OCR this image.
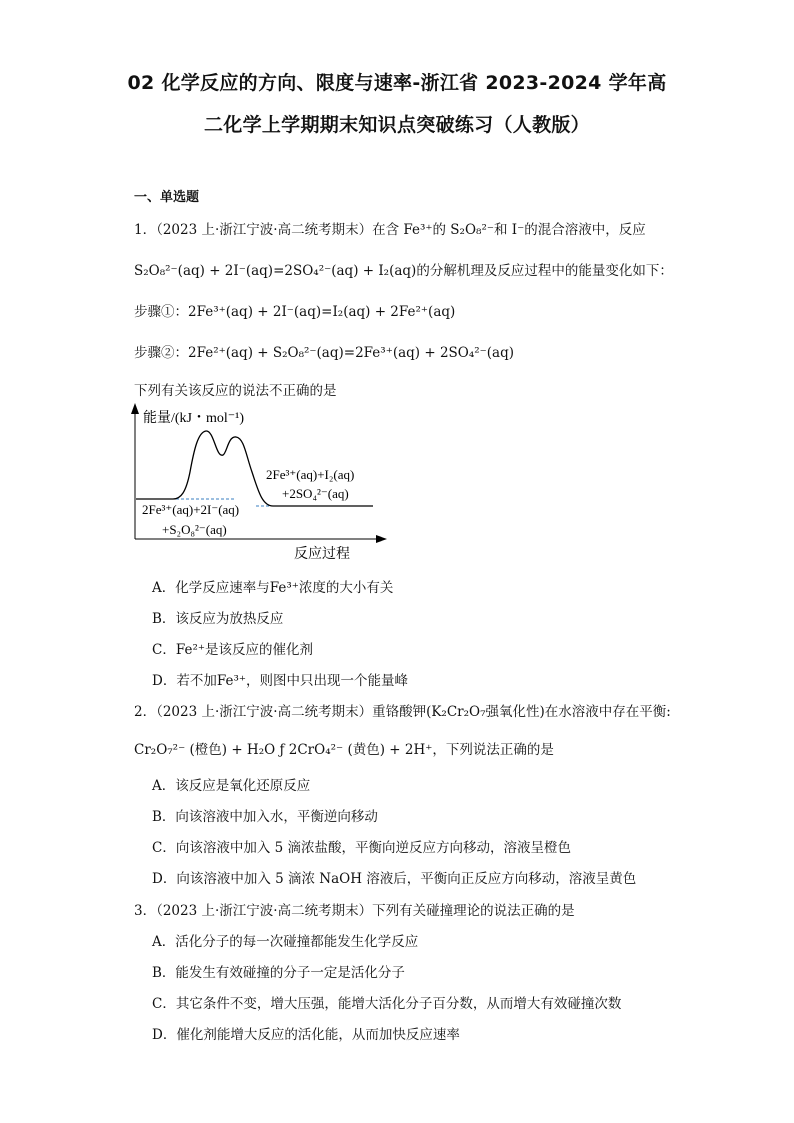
02 化学反应的方向、限度与速率-浙江省 2023-2024 学年高
二化学上学期期末知识点突破练习（人教版）
一、单选题
1．（2023 上·浙江宁波·高二统考期末）在含 Fe³⁺的 S₂O₈²⁻和 I⁻的混合溶液中，反应
S₂O₈²⁻(aq) + 2I⁻(aq)=2SO₄²⁻(aq) + I₂(aq)的分解机理及反应过程中的能量变化如下：
步骤①：2Fe³⁺(aq) + 2I⁻(aq)=I₂(aq) + 2Fe²⁺(aq)
步骤②：2Fe²⁺(aq) + S₂O₈²⁻(aq)=2Fe³⁺(aq) + 2SO₄²⁻(aq)
下列有关该反应的说法不正确的是
能量/(kJ・mol⁻¹)
反应过程
2Fe³⁺(aq)+I₂(aq)
+2SO₄²⁻(aq)
2Fe³⁺(aq)+2I⁻(aq)
+S₂O₈²⁻(aq)
A．化学反应速率与Fe³⁺浓度的大小有关
B．该反应为放热反应
C．Fe²⁺是该反应的催化剂
D．若不加Fe³⁺，则图中只出现一个能量峰
2．（2023 上·浙江宁波·高二统考期末）重铬酸钾(K₂Cr₂O₇强氧化性)在水溶液中存在平衡:
Cr₂O₇²⁻ (橙色) + H₂O ƒ 2CrO₄²⁻ (黄色) + 2H⁺，下列说法正确的是
A．该反应是氧化还原反应
B．向该溶液中加入水，平衡逆向移动
C．向该溶液中加入 5 滴浓盐酸，平衡向逆反应方向移动，溶液呈橙色
D．向该溶液中加入 5 滴浓 NaOH 溶液后，平衡向正反应方向移动，溶液呈黄色
3．（2023 上·浙江宁波·高二统考期末）下列有关碰撞理论的说法正确的是
A．活化分子的每一次碰撞都能发生化学反应
B．能发生有效碰撞的分子一定是活化分子
C．其它条件不变，增大压强，能增大活化分子百分数，从而增大有效碰撞次数
D．催化剂能增大反应的活化能，从而加快反应速率
